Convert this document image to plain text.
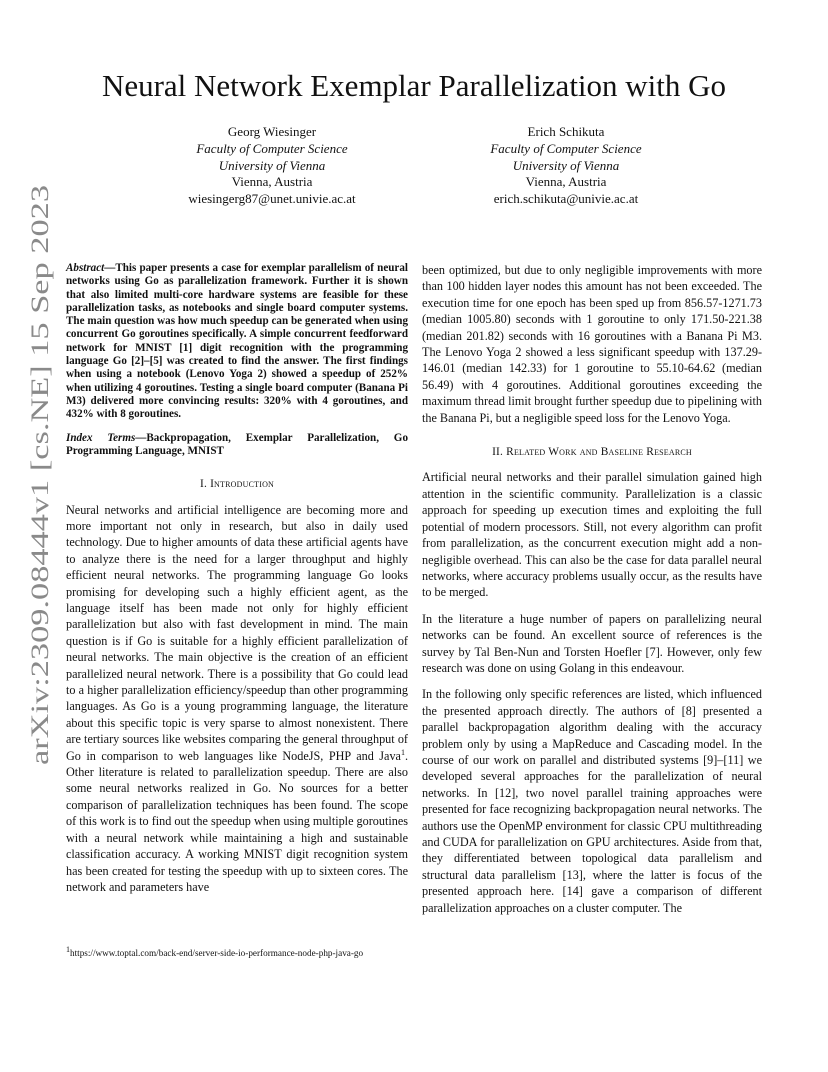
arXiv:2309.08444v1 [cs.NE] 15 Sep 2023
Neural Network Exemplar Parallelization with Go
Georg Wiesinger
Faculty of Computer Science
University of Vienna
Vienna, Austria
wiesingerg87@unet.univie.ac.at
Erich Schikuta
Faculty of Computer Science
University of Vienna
Vienna, Austria
erich.schikuta@univie.ac.at

Abstract—This paper presents a case for exemplar parallelism of neural networks using Go as parallelization framework. Further it is shown that also limited multi-core hardware systems are feasible for these parallelization tasks, as notebooks and single board computer systems. The main question was how much speedup can be generated when using concurrent Go goroutines specifically. A simple concurrent feedforward network for MNIST [1] digit recognition with the programming language Go [2]–[5] was created to find the answer. The first findings when using a notebook (Lenovo Yoga 2) showed a speedup of 252% when utilizing 4 goroutines. Testing a single board computer (Banana Pi M3) delivered more convincing results: 320% with 4 goroutines, and 432% with 8 goroutines.

Index Terms—Backpropagation, Exemplar Parallelization, Go Programming Language, MNIST

I. Introduction

Neural networks and artificial intelligence are becoming more and more important not only in research, but also in daily used technology. Due to higher amounts of data these artificial agents have to analyze there is the need for a larger throughput and highly efficient neural networks. The programming language Go looks promising for developing such a highly efficient agent, as the language itself has been made not only for highly efficient parallelization but also with fast development in mind. The main question is if Go is suitable for a highly efficient parallelization of neural networks. The main objective is the creation of an efficient parallelized neural network. There is a possibility that Go could lead to a higher parallelization efficiency/speedup than other programming languages. As Go is a young programming language, the literature about this specific topic is very sparse to almost nonexistent. There are tertiary sources like websites comparing the general throughput of Go in comparison to web languages like NodeJS, PHP and Java$^1$. Other literature is related to parallelization speedup. There are also some neural networks realized in Go. No sources for a better comparison of parallelization techniques has been found. The scope of this work is to find out the speedup when using multiple goroutines with a neural network while maintaining a high and sustainable classification accuracy. A working MNIST digit recognition system has been created for testing the speedup with up to sixteen cores. The network and parameters have

$^1$https://www.toptal.com/back-end/server-side-io-performance-node-php-java-go

been optimized, but due to only negligible improvements with more than 100 hidden layer nodes this amount has not been exceeded. The execution time for one epoch has been sped up from 856.57-1271.73 (median 1005.80) seconds with 1 goroutine to only 171.50-221.38 (median 201.82) seconds with 16 goroutines with a Banana Pi M3. The Lenovo Yoga 2 showed a less significant speedup with 137.29-146.01 (median 142.33) for 1 goroutine to 55.10-64.62 (median 56.49) with 4 goroutines. Additional goroutines exceeding the maximum thread limit brought further speedup due to pipelining with the Banana Pi, but a negligible speed loss for the Lenovo Yoga.

II. Related Work and Baseline Research

Artificial neural networks and their parallel simulation gained high attention in the scientific community. Parallelization is a classic approach for speeding up execution times and exploiting the full potential of modern processors. Still, not every algorithm can profit from parallelization, as the concurrent execution might add a non-negligible overhead. This can also be the case for data parallel neural networks, where accuracy problems usually occur, as the results have to be merged.

In the literature a huge number of papers on parallelizing neural networks can be found. An excellent source of references is the survey by Tal Ben-Nun and Torsten Hoefler [7]. However, only few research was done on using Golang in this endeavour.

In the following only specific references are listed, which influenced the presented approach directly. The authors of [8] presented a parallel backpropagation algorithm dealing with the accuracy problem only by using a MapReduce and Cascading model. In the course of our work on parallel and distributed systems [9]–[11] we developed several approaches for the parallelization of neural networks. In [12], two novel parallel training approaches were presented for face recognizing backpropagation neural networks. The authors use the OpenMP environment for classic CPU multithreading and CUDA for parallelization on GPU architectures. Aside from that, they differentiated between topological data parallelism and structural data parallelism [13], where the latter is focus of the presented approach here. [14] gave a comparison of different parallelization approaches on a cluster computer. The
